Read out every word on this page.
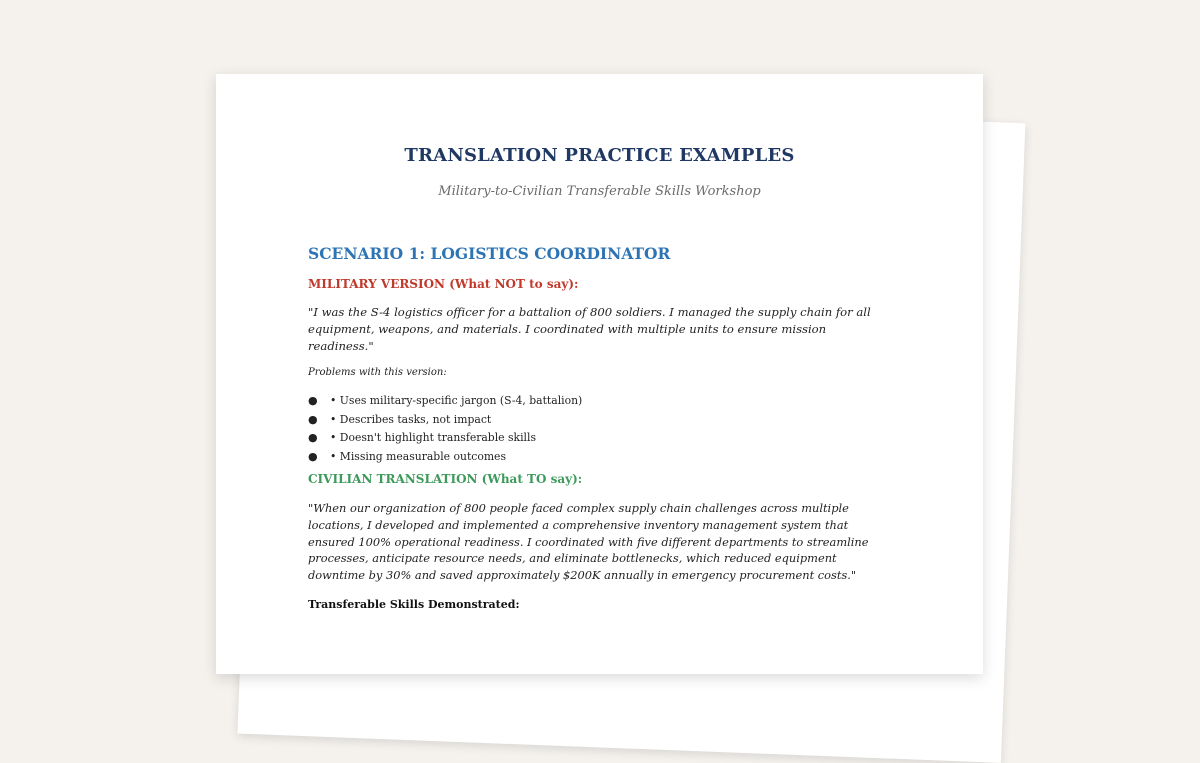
TRANSLATION PRACTICE EXAMPLES
Military-to-Civilian Transferable Skills Workshop
SCENARIO 1: LOGISTICS COORDINATOR
MILITARY VERSION (What NOT to say):
"I was the S-4 logistics officer for a battalion of 800 soldiers. I managed the supply chain for all equipment, weapons, and materials. I coordinated with multiple units to ensure mission readiness."
Problems with this version:
● • Uses military-specific jargon (S-4, battalion)
● • Describes tasks, not impact
● • Doesn't highlight transferable skills
● • Missing measurable outcomes
CIVILIAN TRANSLATION (What TO say):
"When our organization of 800 people faced complex supply chain challenges across multiple locations, I developed and implemented a comprehensive inventory management system that ensured 100% operational readiness. I coordinated with five different departments to streamline processes, anticipate resource needs, and eliminate bottlenecks, which reduced equipment downtime by 30% and saved approximately $200K annually in emergency procurement costs."
Transferable Skills Demonstrated:
